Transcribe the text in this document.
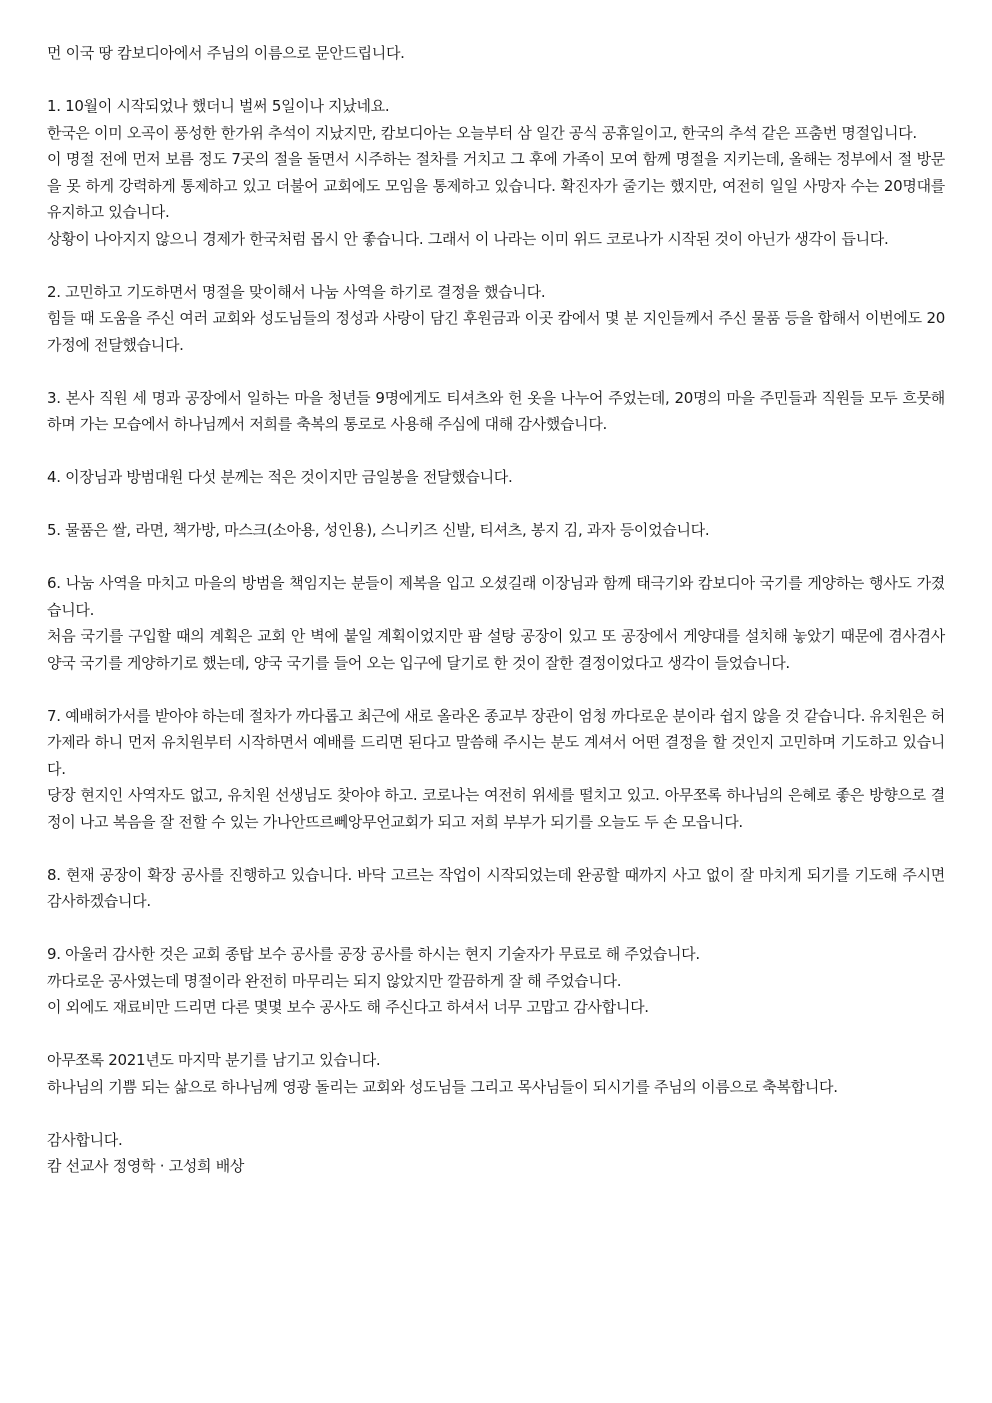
먼 이국 땅 캄보디아에서 주님의 이름으로 문안드립니다.

1. 10월이 시작되었나 했더니 벌써 5일이나 지났네요.

한국은 이미 오곡이 풍성한 한가위 추석이 지났지만, 캄보디아는 오늘부터 삼 일간 공식 공휴일이고, 한국의 추석 같은 프춤번 명절입니다.

이 명절 전에 먼저 보름 정도 7곳의 절을 돌면서 시주하는 절차를 거치고 그 후에 가족이 모여 함께 명절을 지키는데, 올해는 정부에서 절 방문을 못 하게 강력하게 통제하고 있고 더불어 교회에도 모임을 통제하고 있습니다. 확진자가 줄기는 했지만, 여전히 일일 사망자 수는 20명대를 유지하고 있습니다.

상황이 나아지지 않으니 경제가 한국처럼 몹시 안 좋습니다. 그래서 이 나라는 이미 위드 코로나가 시작된 것이 아닌가 생각이 듭니다.

2. 고민하고 기도하면서 명절을 맞이해서 나눔 사역을 하기로 결정을 했습니다.

힘들 때 도움을 주신 여러 교회와 성도님들의 정성과 사랑이 담긴 후원금과 이곳 캄에서 몇 분 지인들께서 주신 물품 등을 합해서 이번에도 20가정에 전달했습니다.

3. 본사 직원 세 명과 공장에서 일하는 마을 청년들 9명에게도 티셔츠와 헌 옷을 나누어 주었는데, 20명의 마을 주민들과 직원들 모두 흐뭇해하며 가는 모습에서 하나님께서 저희를 축복의 통로로 사용해 주심에 대해 감사했습니다.

4. 이장님과 방범대원 다섯 분께는 적은 것이지만 금일봉을 전달했습니다.

5. 물품은 쌀, 라면, 책가방, 마스크(소아용, 성인용), 스니키즈 신발, 티셔츠, 봉지 김, 과자 등이었습니다.

6. 나눔 사역을 마치고 마을의 방범을 책임지는 분들이 제복을 입고 오셨길래 이장님과 함께 태극기와 캄보디아 국기를 게양하는 행사도 가졌습니다.

처음 국기를 구입할 때의 계획은 교회 안 벽에 붙일 계획이었지만 팜 설탕 공장이 있고 또 공장에서 게양대를 설치해 놓았기 때문에 겸사겸사 양국 국기를 게양하기로 했는데, 양국 국기를 들어 오는 입구에 달기로 한 것이 잘한 결정이었다고 생각이 들었습니다.

7. 예배허가서를 받아야 하는데 절차가 까다롭고 최근에 새로 올라온 종교부 장관이 엄청 까다로운 분이라 쉽지 않을 것 같습니다. 유치원은 허가제라 하니 먼저 유치원부터 시작하면서 예배를 드리면 된다고 말씀해 주시는 분도 계셔서 어떤 결정을 할 것인지 고민하며 기도하고 있습니다.

당장 현지인 사역자도 없고, 유치원 선생님도 찾아야 하고. 코로나는 여전히 위세를 떨치고 있고. 아무쪼록 하나님의 은혜로 좋은 방향으로 결정이 나고 복음을 잘 전할 수 있는 가나안뜨르뻬앙무언교회가 되고 저희 부부가 되기를 오늘도 두 손 모읍니다.

8. 현재 공장이 확장 공사를 진행하고 있습니다. 바닥 고르는 작업이 시작되었는데 완공할 때까지 사고 없이 잘 마치게 되기를 기도해 주시면 감사하겠습니다.

9. 아울러 감사한 것은 교회 종탑 보수 공사를 공장 공사를 하시는 현지 기술자가 무료로 해 주었습니다.

까다로운 공사였는데 명절이라 완전히 마무리는 되지 않았지만 깔끔하게 잘 해 주었습니다.

이 외에도 재료비만 드리면 다른 몇몇 보수 공사도 해 주신다고 하셔서 너무 고맙고 감사합니다.

아무쪼록 2021년도 마지막 분기를 남기고 있습니다.

하나님의 기쁨 되는 삶으로 하나님께 영광 돌리는 교회와 성도님들 그리고 목사님들이 되시기를 주님의 이름으로 축복합니다.

감사합니다.

캄 선교사 정영학 · 고성희 배상
